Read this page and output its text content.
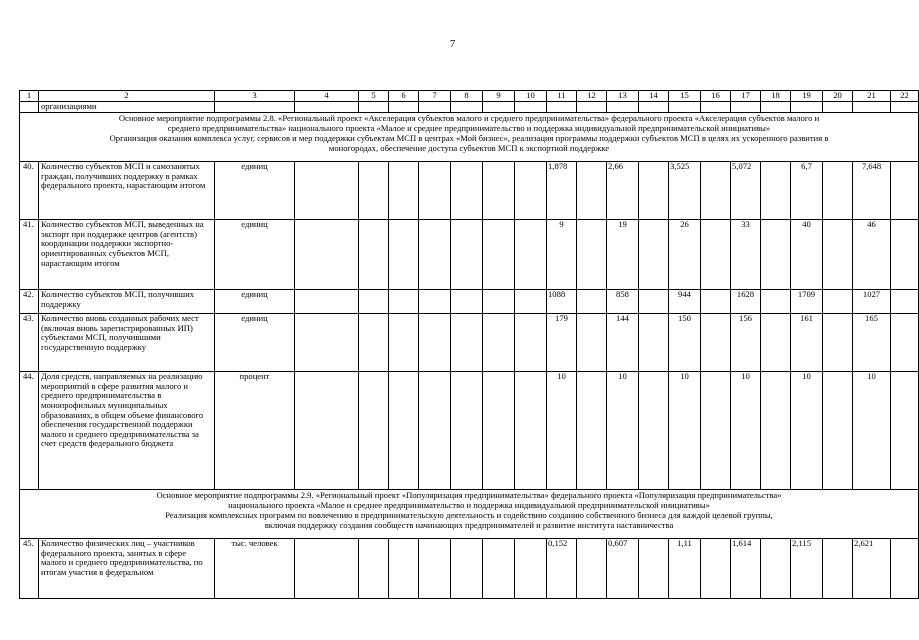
7
1	2	3	4	5	6	7	8	9	10	11	12	13	14	15	16	17	18	19	20	21	22
	организациями																				

Основное мероприятие подпрограммы 2.8. «Региональный проект «Акселерация субъектов малого и среднего предпринимательства» федерального проекта «Акселерация субъектов малого и
среднего предпринимательства» национального проекта «Малое и среднее предпринимательство и поддержка индивидуальной предпринимательской инициативы»
Организация оказания комплекса услуг, сервисов и мер поддержки субъектам МСП в центрах «Мой бизнес», реализация программы поддержки субъектов МСП в целях их ускоренного развития в
моногородах, обеспечение доступа субъектов МСП к экспортной поддержке																					

40.	Количество субъектов МСП и самозанятых граждан, получивших поддержку в рамках федерального проекта, нарастающим итогом	единиц								1,878		2,66		3,525		5,072		6,7		7,648	
41.	Количество субъектов МСП, выведенных на экспорт при поддержке центров (агентств) координации поддержки экспортно-ориентированных субъектов МСП, нарастающим итогом	единиц								9		19		26		33		40		46	
42.	Количество субъектов МСП, получивших поддержку	единиц								1088		858		944		1628		1709		1027	
43.	Количество вновь созданных рабочих мест (включая вновь зарегистрированных ИП) субъектами МСП, получившими государственную поддержку	единиц								179		144		150		156		161		165	
44.	Доля средств, направляемых на реализацию мероприятий в сфере развития малого и среднего предпринимательства в монопрофильных муниципальных образованиях, в общем объеме финансового обеспечения государственной поддержки малого и среднего предпринимательства за счет средств федерального бюджета	процент								10		10		10		10		10		10	

Основное мероприятие подпрограммы 2.9. «Региональный проект «Популяризация предпринимательства» федерального проекта «Популяризация предпринимательства»
национального проекта «Малое и среднее предпринимательство и поддержка индивидуальной предпринимательской инициативы»
Реализация комплексных программ по вовлечению в предпринимательскую деятельность и содействию созданию собственного бизнеса для каждой целевой группы,
включая поддержку создания сообществ начинающих предпринимателей и развитие института наставничества																					

45.	Количество физических лиц – участников федерального проекта, занятых в сфере малого и среднего предпринимательства, по итогам участия в федеральном	тыс. человек								0,152		0,607		1,11		1,614		2,115		2,621	
